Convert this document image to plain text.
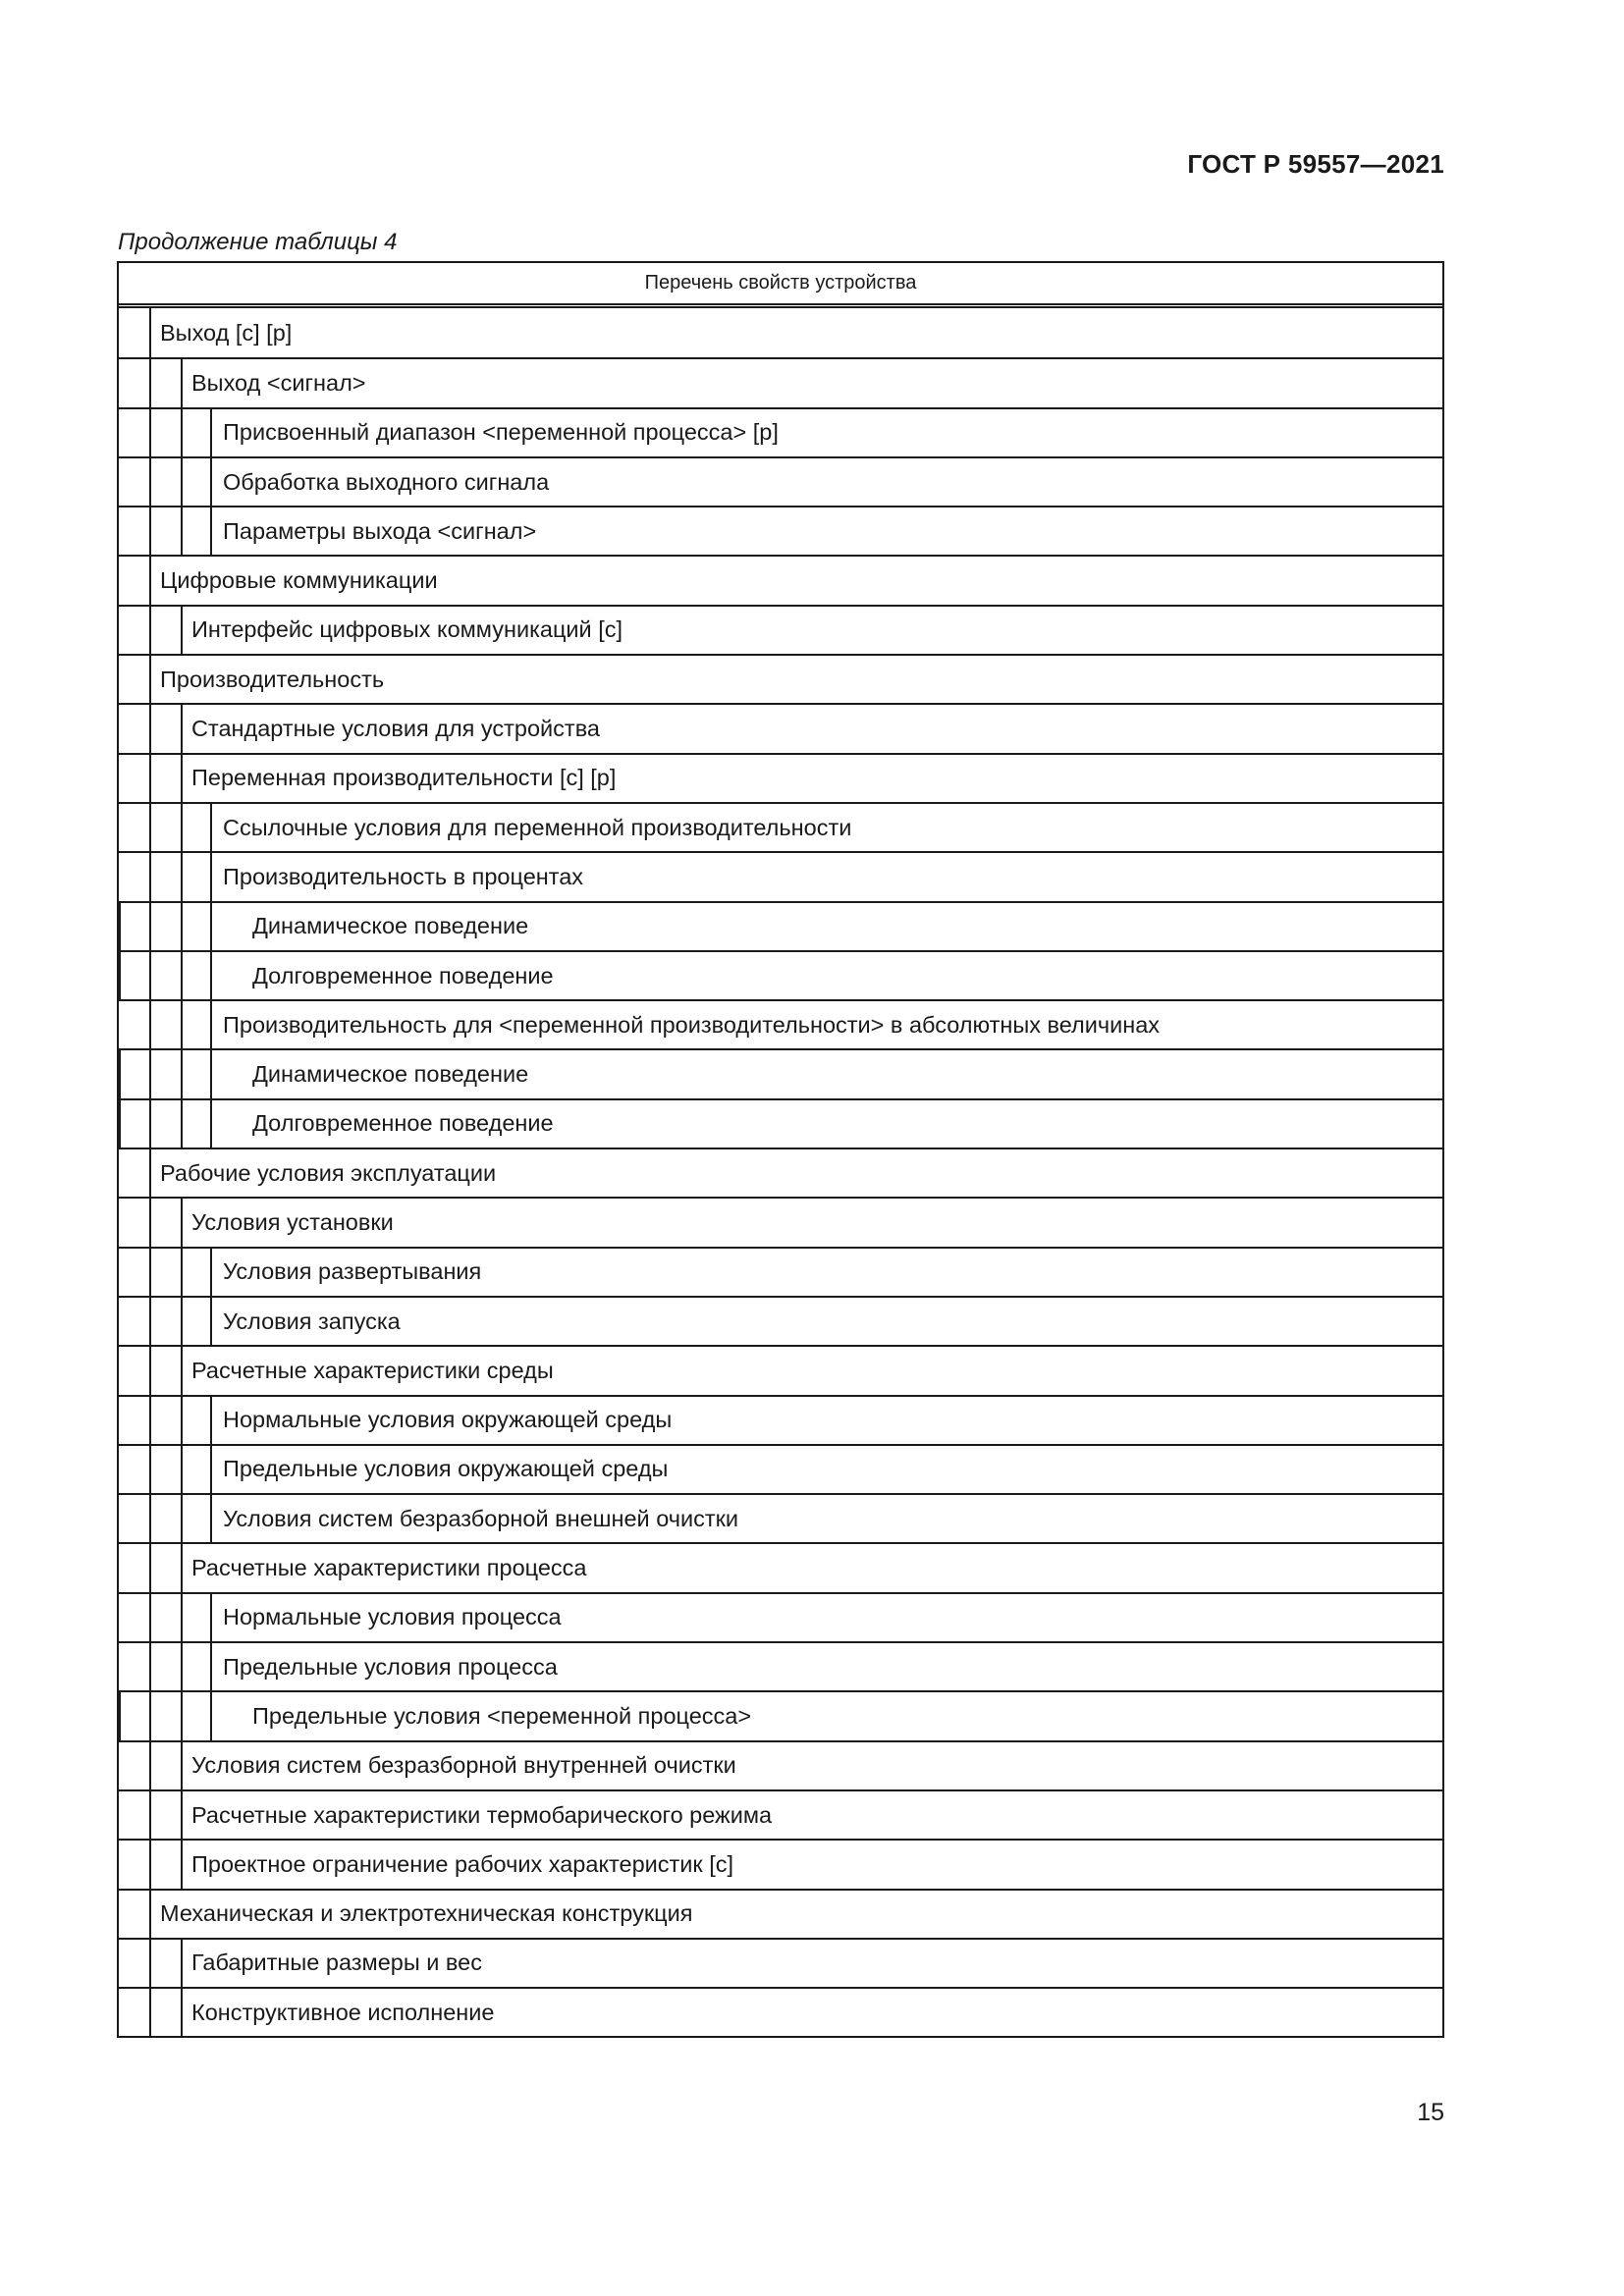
ГОСТ Р 59557—2021
Продолжение таблицы 4
Перечень свойств устройства
Выход [с] [р]
Выход <сигнал>
Присвоенный диапазон <переменной процесса> [р]
Обработка выходного сигнала
Параметры выхода <сигнал>
Цифровые коммуникации
Интерфейс цифровых коммуникаций [с]
Производительность
Стандартные условия для устройства
Переменная производительности [с] [р]
Ссылочные условия для переменной производительности
Производительность в процентах
Динамическое поведение
Долговременное поведение
Производительность для <переменной производительности> в абсолютных величинах
Динамическое поведение
Долговременное поведение
Рабочие условия эксплуатации
Условия установки
Условия развертывания
Условия запуска
Расчетные характеристики среды
Нормальные условия окружающей среды
Предельные условия окружающей среды
Условия систем безразборной внешней очистки
Расчетные характеристики процесса
Нормальные условия процесса
Предельные условия процесса
Предельные условия <переменной процесса>
Условия систем безразборной внутренней очистки
Расчетные характеристики термобарического режима
Проектное ограничение рабочих характеристик [с]
Механическая и электротехническая конструкция
Габаритные размеры и вес
Конструктивное исполнение
15
